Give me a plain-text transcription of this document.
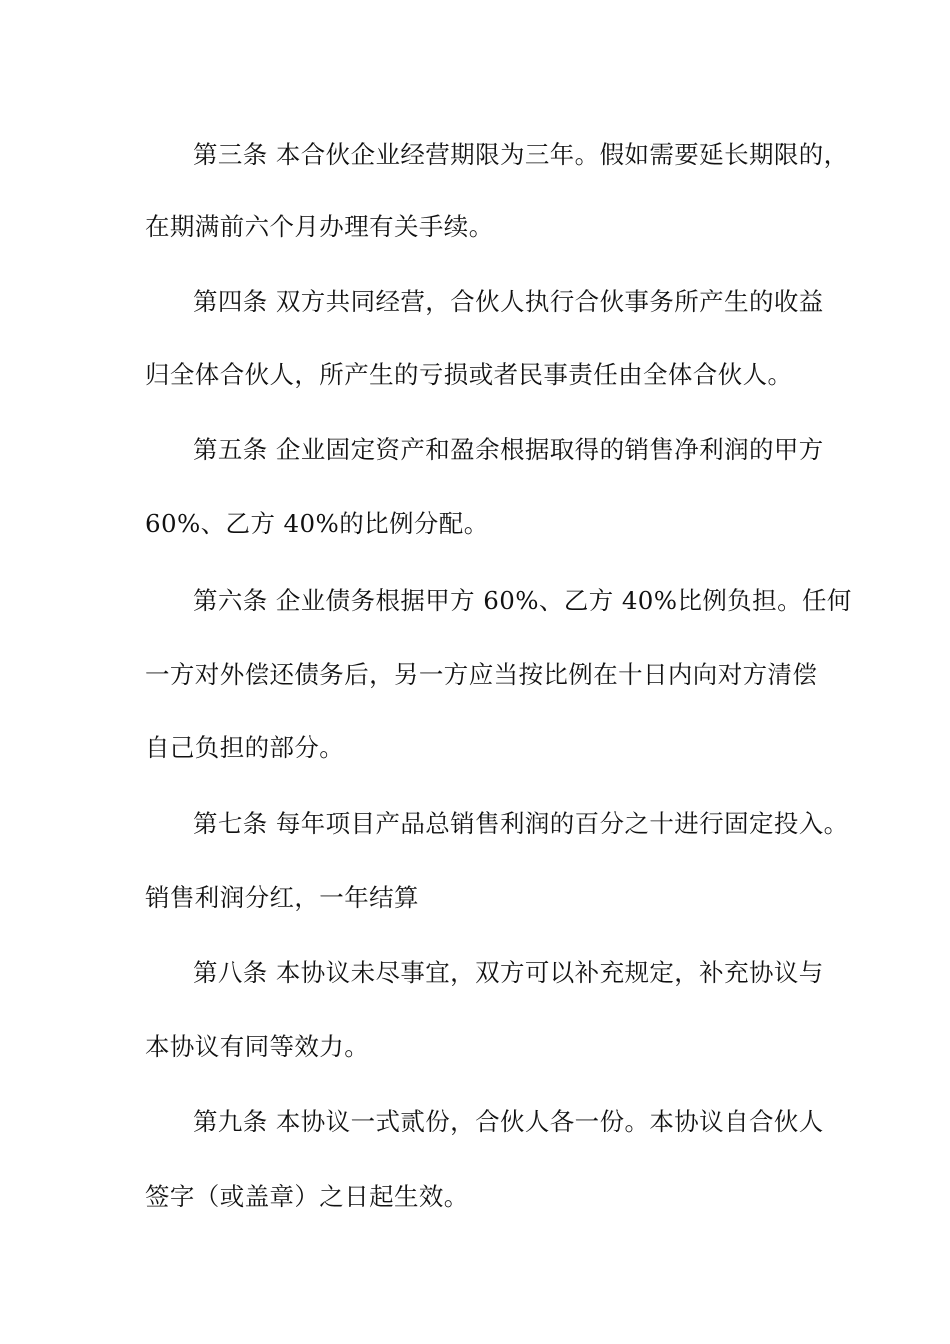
第三条 本合伙企业经营期限为三年。假如需要延长期限的，
在期满前六个月办理有关手续。
第四条 双方共同经营，合伙人执行合伙事务所产生的收益
归全体合伙人，所产生的亏损或者民事责任由全体合伙人。
第五条 企业固定资产和盈余根据取得的销售净利润的甲方
60%、乙方 40%的比例分配。
第六条 企业债务根据甲方 60%、乙方 40%比例负担。任何
一方对外偿还债务后，另一方应当按比例在十日内向对方清偿
自己负担的部分。
第七条 每年项目产品总销售利润的百分之十进行固定投入。
销售利润分红，一年结算
第八条 本协议未尽事宜，双方可以补充规定，补充协议与
本协议有同等效力。
第九条 本协议一式贰份，合伙人各一份。本协议自合伙人
签字（或盖章）之日起生效。
